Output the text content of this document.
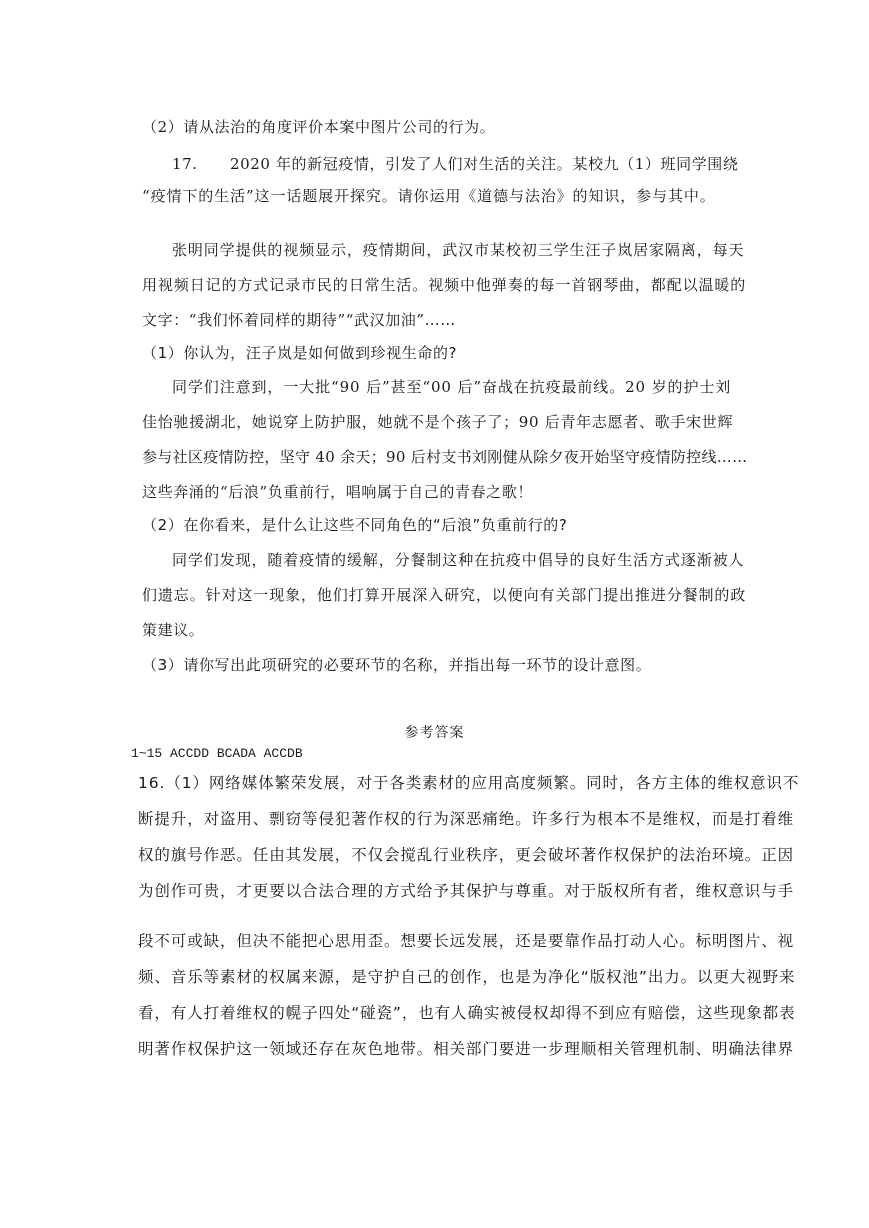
（2）请从法治的角度评价本案中图片公司的行为。
17. 2020 年的新冠疫情，引发了人们对生活的关注。某校九（1）班同学围绕
“疫情下的生活”这一话题展开探究。请你运用《道德与法治》的知识，参与其中。
张明同学提供的视频显示，疫情期间，武汉市某校初三学生汪子岚居家隔离，每天
用视频日记的方式记录市民的日常生活。视频中他弹奏的每一首钢琴曲，都配以温暖的
文字：“我们怀着同样的期待”“武汉加油”……
（1）你认为，汪子岚是如何做到珍视生命的?
同学们注意到，一大批“90 后”甚至“00 后”奋战在抗疫最前线。20 岁的护士刘
佳怡驰援湖北，她说穿上防护服，她就不是个孩子了；90 后青年志愿者、歌手宋世辉
参与社区疫情防控，坚守 40 余天；90 后村支书刘刚健从除夕夜开始坚守疫情防控线……
这些奔涌的“后浪”负重前行，唱响属于自己的青春之歌！
（2）在你看来，是什么让这些不同角色的“后浪”负重前行的?
同学们发现，随着疫情的缓解，分餐制这种在抗疫中倡导的良好生活方式逐渐被人
们遗忘。针对这一现象，他们打算开展深入研究，以便向有关部门提出推进分餐制的政
策建议。
（3）请你写出此项研究的必要环节的名称，并指出每一环节的设计意图。
参考答案
1~15 ACCDD BCADA ACCDB
16.（1）网络媒体繁荣发展，对于各类素材的应用高度频繁。同时，各方主体的维权意识不
断提升，对盗用、剽窃等侵犯著作权的行为深恶痛绝。许多行为根本不是维权，而是打着维
权的旗号作恶。任由其发展，不仅会搅乱行业秩序，更会破坏著作权保护的法治环境。正因
为创作可贵，才更要以合法合理的方式给予其保护与尊重。对于版权所有者，维权意识与手
段不可或缺，但决不能把心思用歪。想要长远发展，还是要靠作品打动人心。标明图片、视
频、音乐等素材的权属来源，是守护自己的创作，也是为净化“版权池”出力。以更大视野来
看，有人打着维权的幌子四处“碰瓷”，也有人确实被侵权却得不到应有赔偿，这些现象都表
明著作权保护这一领域还存在灰色地带。相关部门要进一步理顺相关管理机制、明确法律界
